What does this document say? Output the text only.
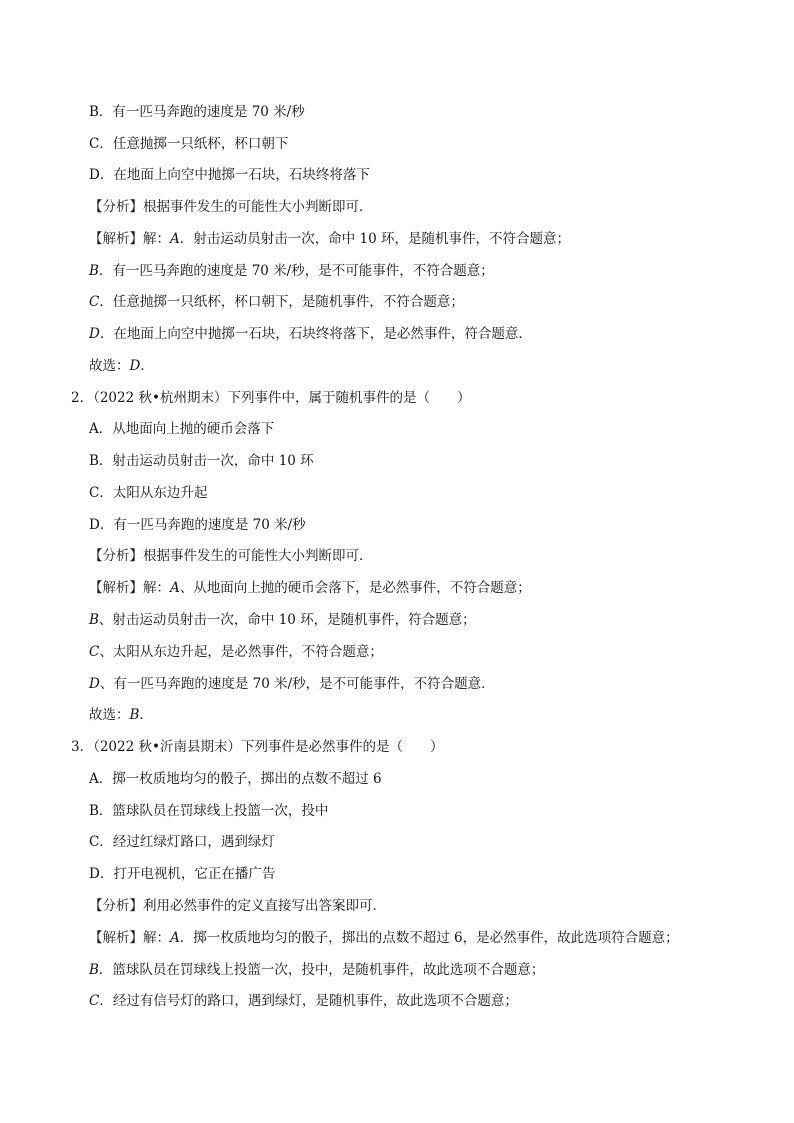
B．有一匹马奔跑的速度是 70 米/秒
C．任意抛掷一只纸杯，杯口朝下
D．在地面上向空中抛掷一石块，石块终将落下
【分析】根据事件发生的可能性大小判断即可．
【解析】解：A．射击运动员射击一次，命中 10 环，是随机事件，不符合题意；
B．有一匹马奔跑的速度是 70 米/秒，是不可能事件，不符合题意；
C．任意抛掷一只纸杯，杯口朝下，是随机事件，不符合题意；
D．在地面上向空中抛掷一石块，石块终将落下，是必然事件，符合题意．
故选：D．
2．（2022 秋•杭州期末）下列事件中，属于随机事件的是（　　）
A．从地面向上抛的硬币会落下
B．射击运动员射击一次，命中 10 环
C．太阳从东边升起
D．有一匹马奔跑的速度是 70 米/秒
【分析】根据事件发生的可能性大小判断即可．
【解析】解：A、从地面向上抛的硬币会落下，是必然事件，不符合题意；
B、射击运动员射击一次，命中 10 环，是随机事件，符合题意；
C、太阳从东边升起，是必然事件，不符合题意；
D、有一匹马奔跑的速度是 70 米/秒，是不可能事件，不符合题意．
故选：B．
3．（2022 秋•沂南县期末）下列事件是必然事件的是（　　）
A．掷一枚质地均匀的骰子，掷出的点数不超过 6
B．篮球队员在罚球线上投篮一次，投中
C．经过红绿灯路口，遇到绿灯
D．打开电视机，它正在播广告
【分析】利用必然事件的定义直接写出答案即可．
【解析】解：A．掷一枚质地均匀的骰子，掷出的点数不超过 6，是必然事件，故此选项符合题意；
B．篮球队员在罚球线上投篮一次，投中，是随机事件，故此选项不合题意；
C．经过有信号灯的路口，遇到绿灯，是随机事件，故此选项不合题意；
